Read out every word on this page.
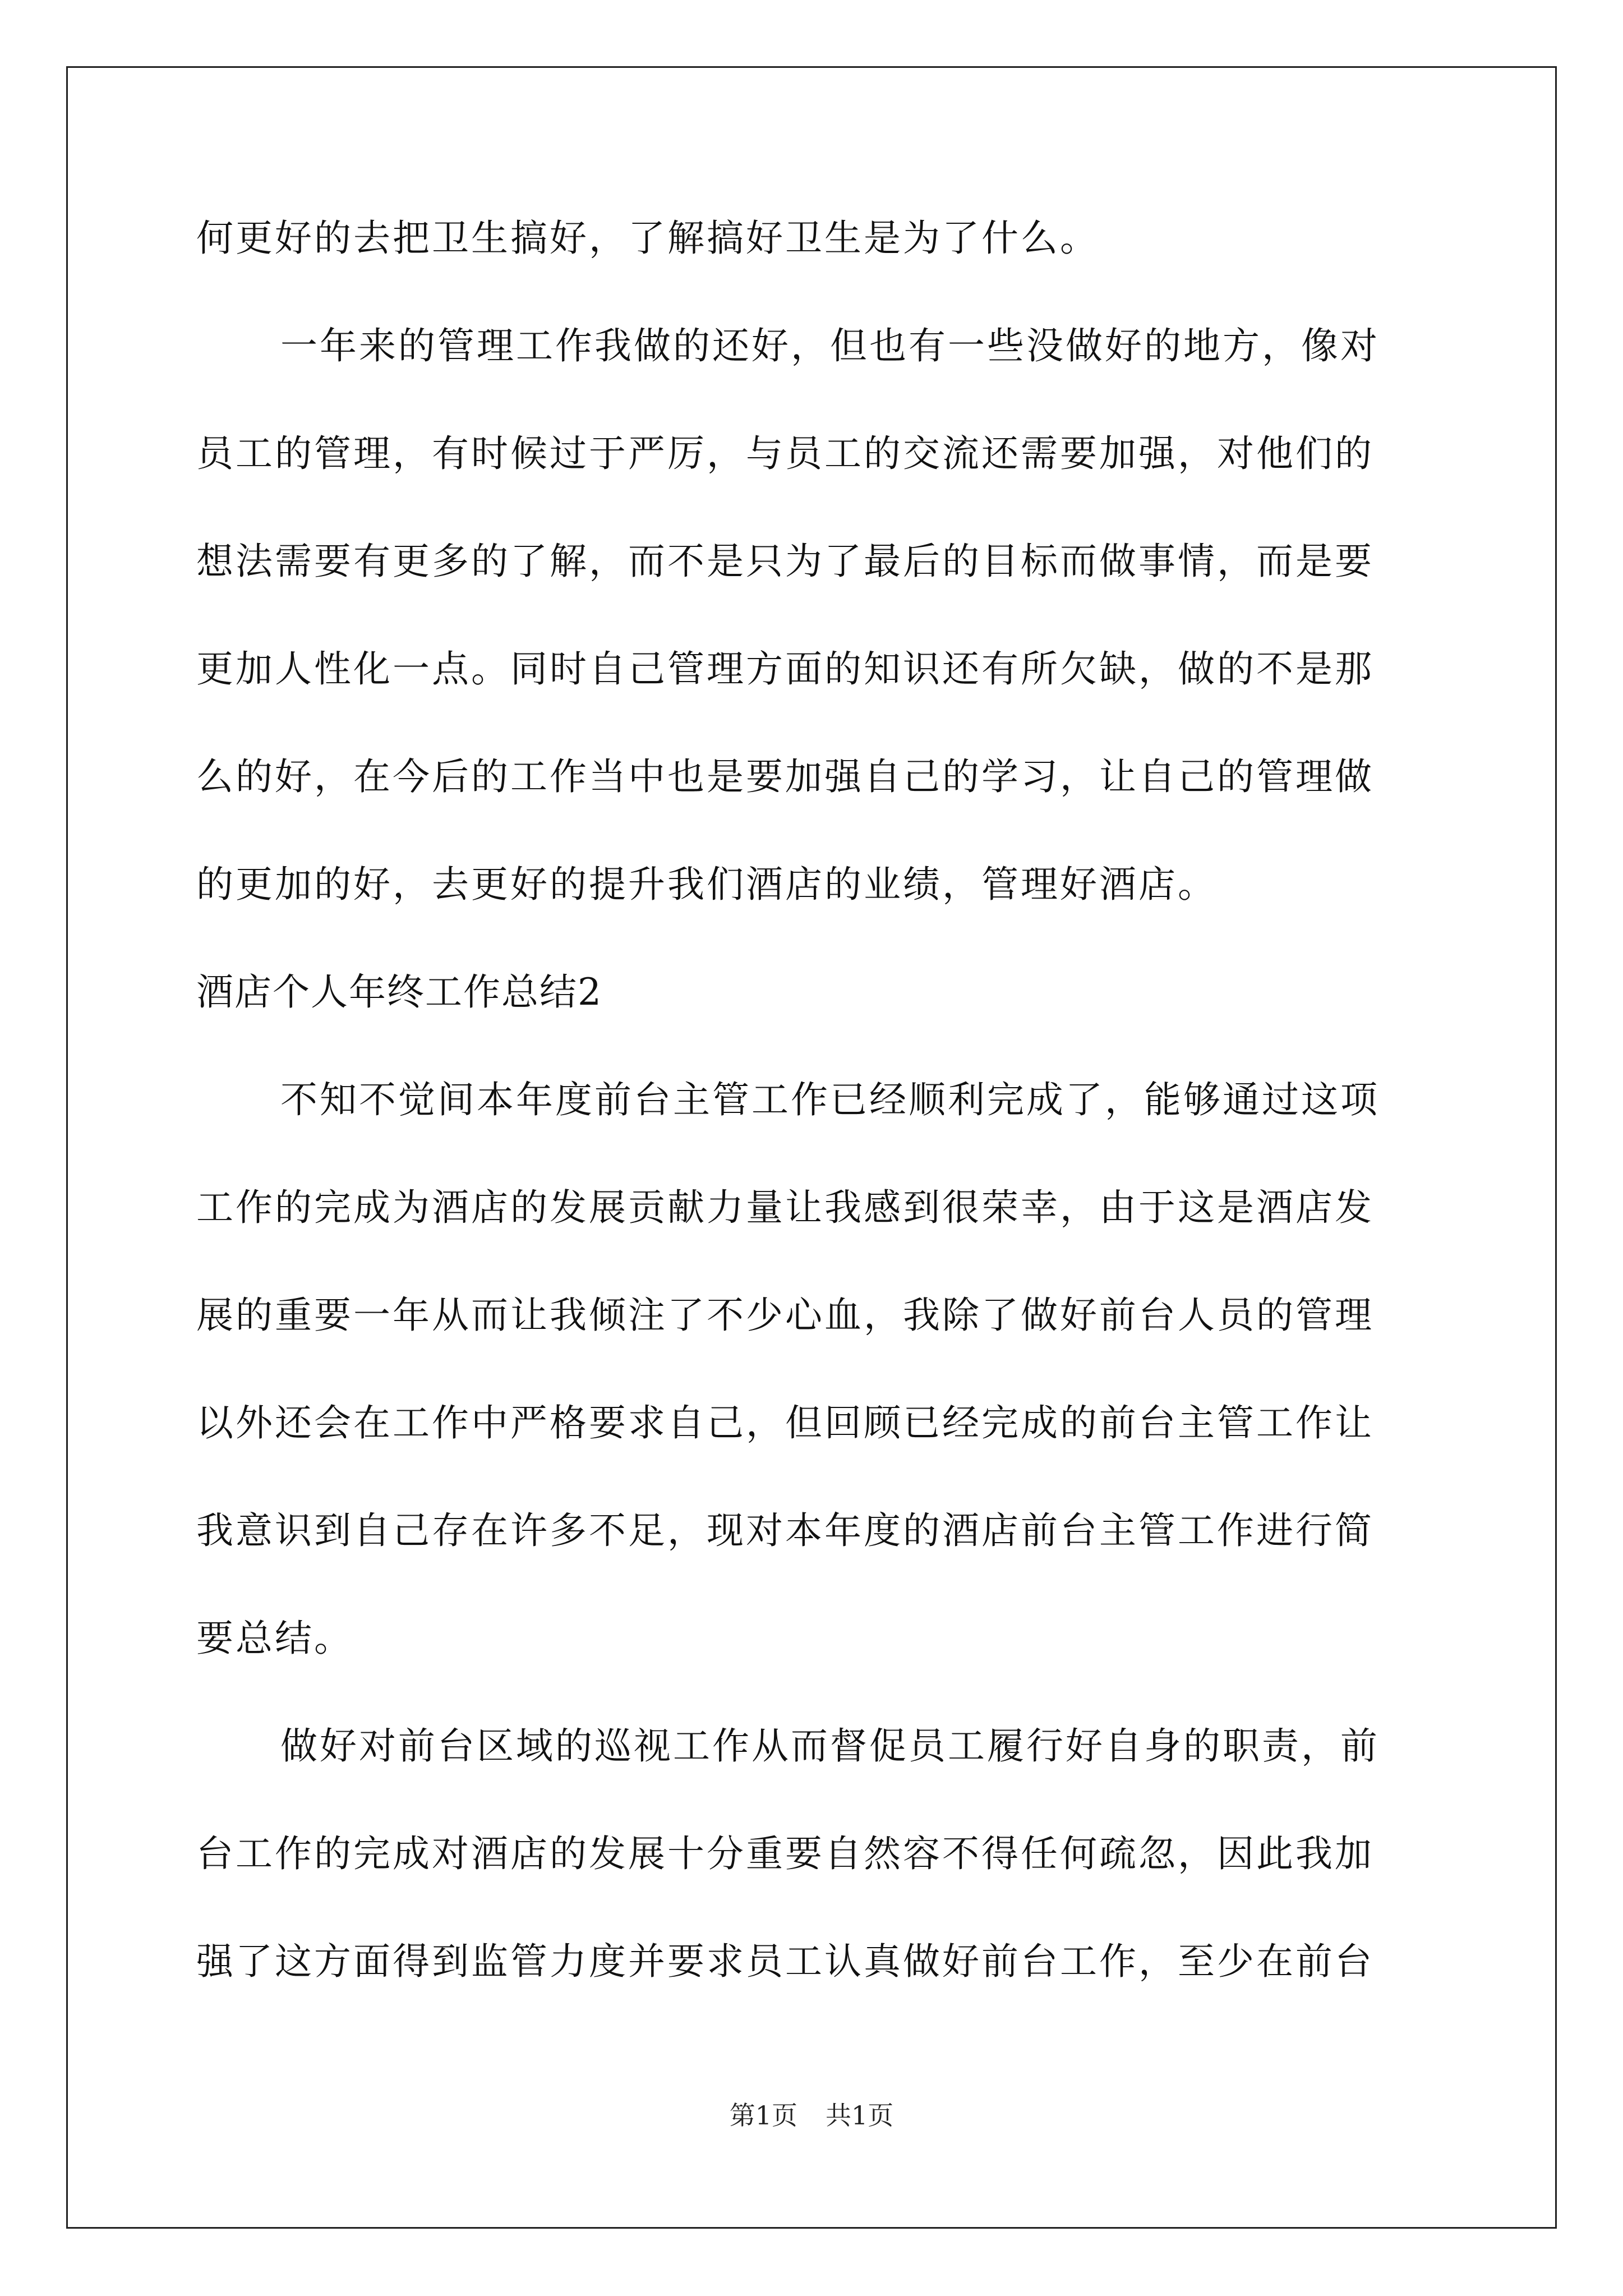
何更好的去把卫生搞好，了解搞好卫生是为了什么。
一年来的管理工作我做的还好，但也有一些没做好的地方，像对
员工的管理，有时候过于严厉，与员工的交流还需要加强，对他们的
想法需要有更多的了解，而不是只为了最后的目标而做事情，而是要
更加人性化一点。同时自己管理方面的知识还有所欠缺，做的不是那
么的好，在今后的工作当中也是要加强自己的学习，让自己的管理做
的更加的好，去更好的提升我们酒店的业绩，管理好酒店。
酒店个人年终工作总结2
不知不觉间本年度前台主管工作已经顺利完成了，能够通过这项
工作的完成为酒店的发展贡献力量让我感到很荣幸，由于这是酒店发
展的重要一年从而让我倾注了不少心血，我除了做好前台人员的管理
以外还会在工作中严格要求自己，但回顾已经完成的前台主管工作让
我意识到自己存在许多不足，现对本年度的酒店前台主管工作进行简
要总结。
做好对前台区域的巡视工作从而督促员工履行好自身的职责，前
台工作的完成对酒店的发展十分重要自然容不得任何疏忽，因此我加
强了这方面得到监管力度并要求员工认真做好前台工作，至少在前台
第1页 共1页
